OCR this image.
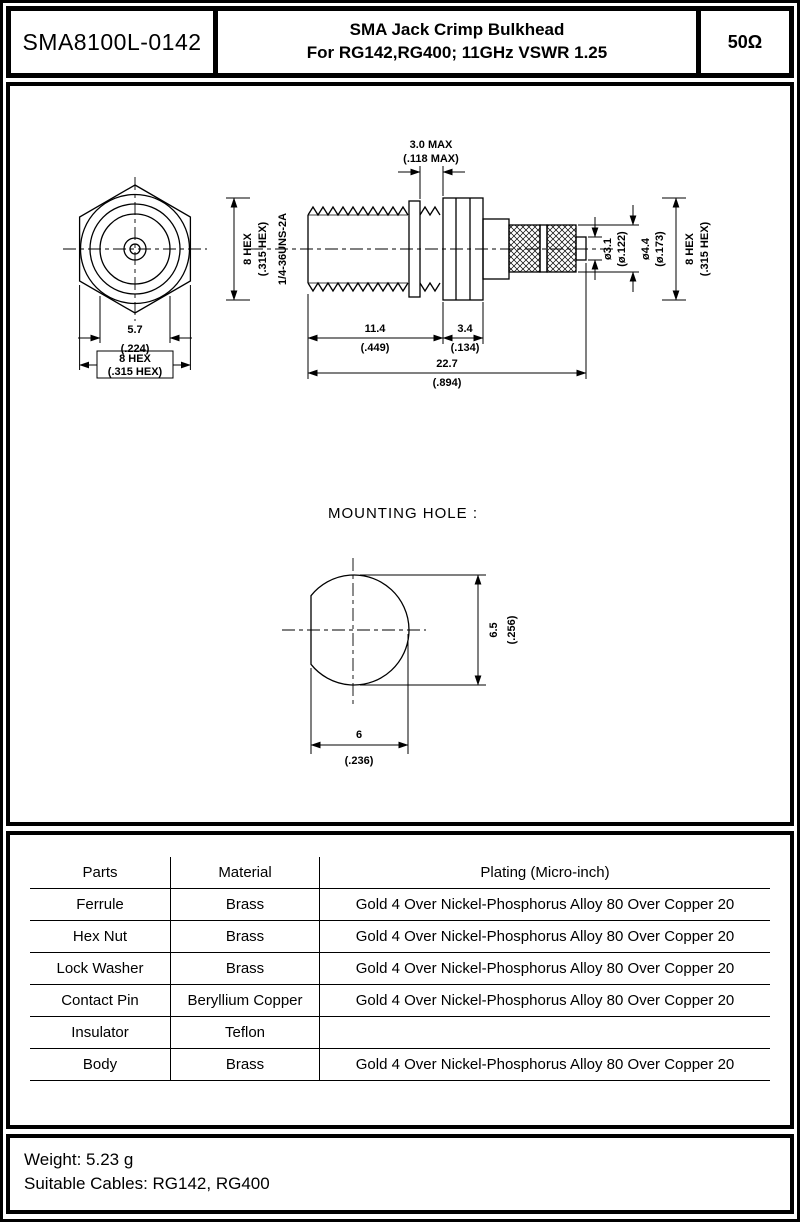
SMA8100L-0142	SMA Jack Crimp Bulkhead
For RG142,RG400; 11GHz VSWR 1.25
50Ω
5.7
(.224)
8 HEX
(.315 HEX)
3.0 MAX
(.118 MAX)
8 HEX (.315 HEX) 1/4-36UNS-2A	ø3.1 (ø.122) ø4.4 (ø.173) 8 HEX (.315 HEX)
11.4
(.449)
3.4
(.134)
22.7
(.894)
MOUNTING HOLE :
6.5 (.256)
6
(.236)
Parts	Material	Plating (Micro-inch)
Ferrule	Brass	Gold 4 Over Nickel-Phosphorus Alloy 80 Over Copper 20
Hex Nut	Brass	Gold 4 Over Nickel-Phosphorus Alloy 80 Over Copper 20
Lock Washer	Brass	Gold 4 Over Nickel-Phosphorus Alloy 80 Over Copper 20
Contact Pin	Beryllium Copper	Gold 4 Over Nickel-Phosphorus Alloy 80 Over Copper 20
Insulator	Teflon	
Body	Brass	Gold 4 Over Nickel-Phosphorus Alloy 80 Over Copper 20
Weight: 5.23 g
Suitable Cables: RG142, RG400
